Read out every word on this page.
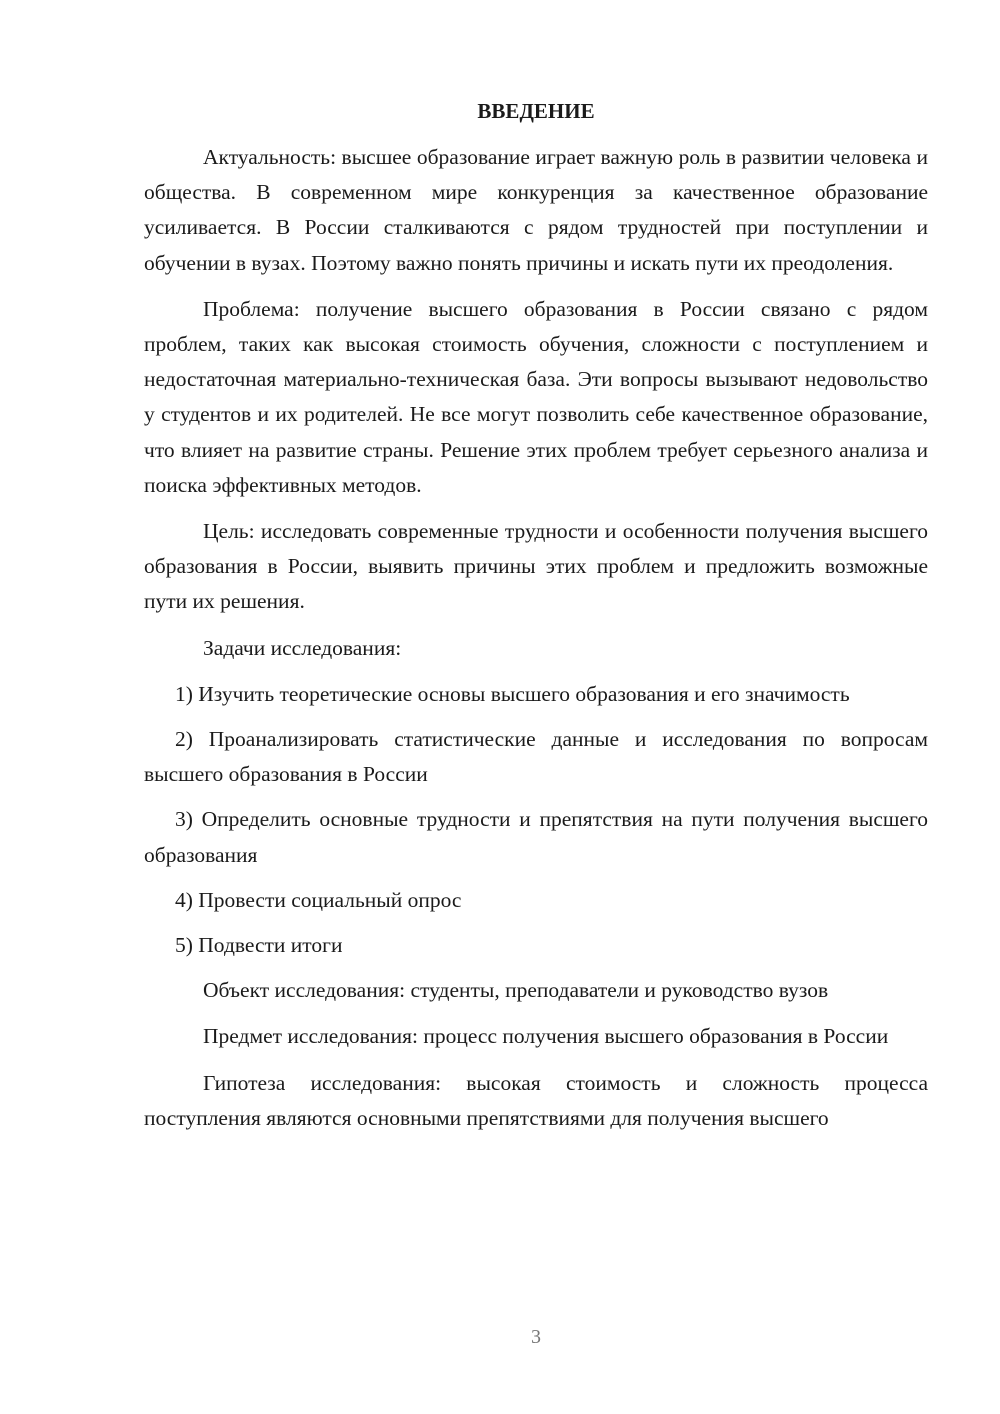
ВВЕДЕНИЕ

Актуальность: высшее образование играет важную роль в развитии человека и общества. В современном мире конкуренция за качественное образование усиливается. В России сталкиваются с рядом трудностей при поступлении и обучении в вузах. Поэтому важно понять причины и искать пути их преодоления.

Проблема: получение высшего образования в России связано с рядом проблем, таких как высокая стоимость обучения, сложности с поступлением и недостаточная материально-техническая база. Эти вопросы вызывают недовольство у студентов и их родителей. Не все могут позволить себе качественное образование, что влияет на развитие страны. Решение этих проблем требует серьезного анализа и поиска эффективных методов.

Цель: исследовать современные трудности и особенности получения высшего образования в России, выявить причины этих проблем и предложить возможные пути их решения.

Задачи исследования:

1) Изучить теоретические основы высшего образования и его значимость

2) Проанализировать статистические данные и исследования по вопросам высшего образования в России

3) Определить основные трудности и препятствия на пути получения высшего образования

4) Провести социальный опрос

5) Подвести итоги

Объект исследования: студенты, преподаватели и руководство вузов

Предмет исследования: процесс получения высшего образования в России

Гипотеза исследования: высокая стоимость и сложность процесса поступления являются основными препятствиями для получения высшего

3
